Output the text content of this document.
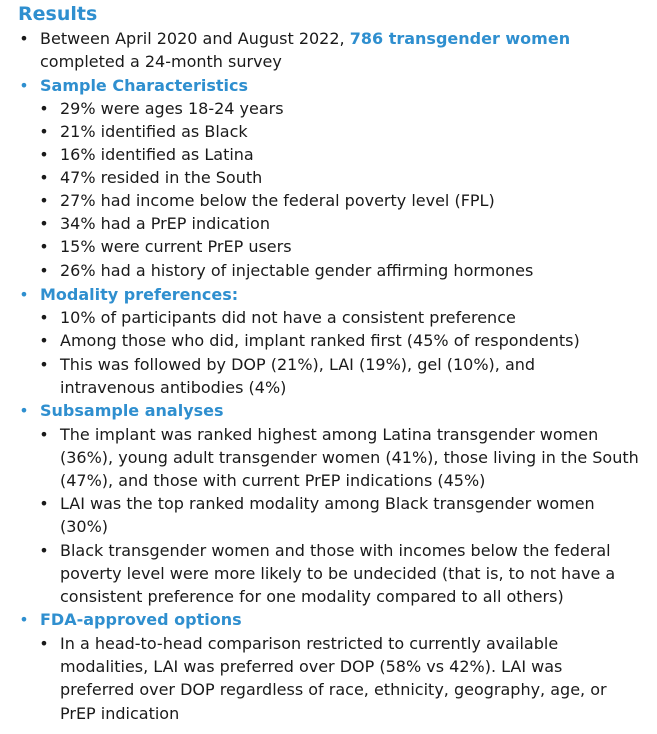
Results
• Between April 2020 and August 2022, 786 transgender women completed a 24-month survey
• Sample Characteristics
• 29% were ages 18-24 years
• 21% identified as Black
• 16% identified as Latina
• 47% resided in the South
• 27% had income below the federal poverty level (FPL)
• 34% had a PrEP indication
• 15% were current PrEP users
• 26% had a history of injectable gender affirming hormones
• Modality preferences:
• 10% of participants did not have a consistent preference
• Among those who did, implant ranked first (45% of respondents)
• This was followed by DOP (21%), LAI (19%), gel (10%), and intravenous antibodies (4%)
• Subsample analyses
• The implant was ranked highest among Latina transgender women (36%), young adult transgender women (41%), those living in the South (47%), and those with current PrEP indications (45%)
• LAI was the top ranked modality among Black transgender women (30%)
• Black transgender women and those with incomes below the federal poverty level were more likely to be undecided (that is, to not have a consistent preference for one modality compared to all others)
• FDA-approved options
• In a head-to-head comparison restricted to currently available modalities, LAI was preferred over DOP (58% vs 42%). LAI was preferred over DOP regardless of race, ethnicity, geography, age, or PrEP indication
